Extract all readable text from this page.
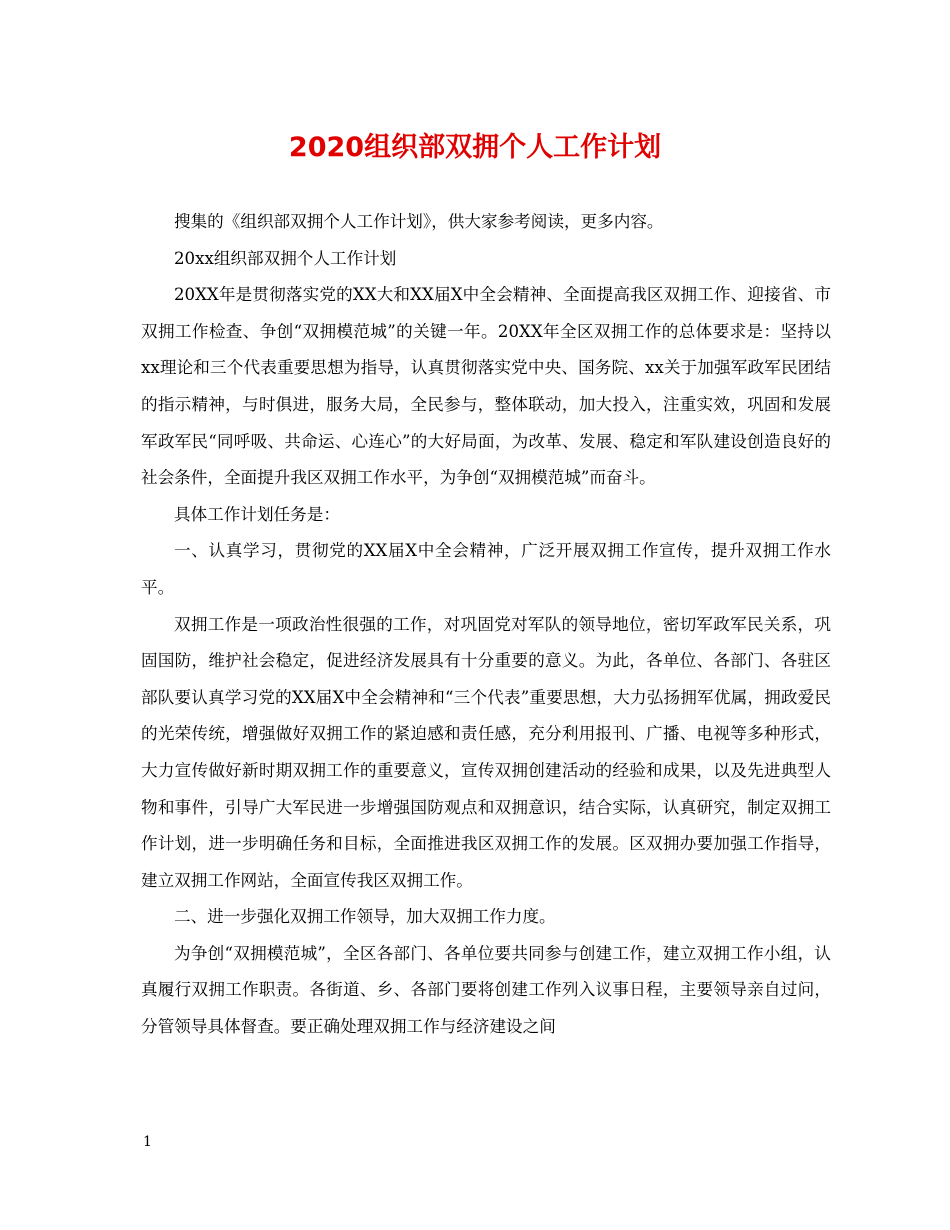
2020组织部双拥个人工作计划

搜集的《组织部双拥个人工作计划》，供大家参考阅读，更多内容。

20xx组织部双拥个人工作计划

20XX年是贯彻落实党的XX大和XX届X中全会精神、全面提高我区双拥工作、迎接省、市双拥工作检查、争创“双拥模范城”的关键一年。20XX年全区双拥工作的总体要求是：坚持以xx理论和三个代表重要思想为指导，认真贯彻落实党中央、国务院、xx关于加强军政军民团结的指示精神，与时俱进，服务大局，全民参与，整体联动，加大投入，注重实效，巩固和发展军政军民“同呼吸、共命运、心连心”的大好局面，为改革、发展、稳定和军队建设创造良好的社会条件，全面提升我区双拥工作水平，为争创“双拥模范城”而奋斗。

具体工作计划任务是：

一、认真学习，贯彻党的XX届X中全会精神，广泛开展双拥工作宣传，提升双拥工作水平。

双拥工作是一项政治性很强的工作，对巩固党对军队的领导地位，密切军政军民关系，巩固国防，维护社会稳定，促进经济发展具有十分重要的意义。为此，各单位、各部门、各驻区部队要认真学习党的XX届X中全会精神和“三个代表”重要思想，大力弘扬拥军优属，拥政爱民的光荣传统，增强做好双拥工作的紧迫感和责任感，充分利用报刊、广播、电视等多种形式，大力宣传做好新时期双拥工作的重要意义，宣传双拥创建活动的经验和成果，以及先进典型人物和事件，引导广大军民进一步增强国防观点和双拥意识，结合实际，认真研究，制定双拥工作计划，进一步明确任务和目标，全面推进我区双拥工作的发展。区双拥办要加强工作指导，建立双拥工作网站，全面宣传我区双拥工作。

二、进一步强化双拥工作领导，加大双拥工作力度。

为争创“双拥模范城”，全区各部门、各单位要共同参与创建工作，建立双拥工作小组，认真履行双拥工作职责。各街道、乡、各部门要将创建工作列入议事日程，主要领导亲自过问，分管领导具体督查。要正确处理双拥工作与经济建设之间

1
